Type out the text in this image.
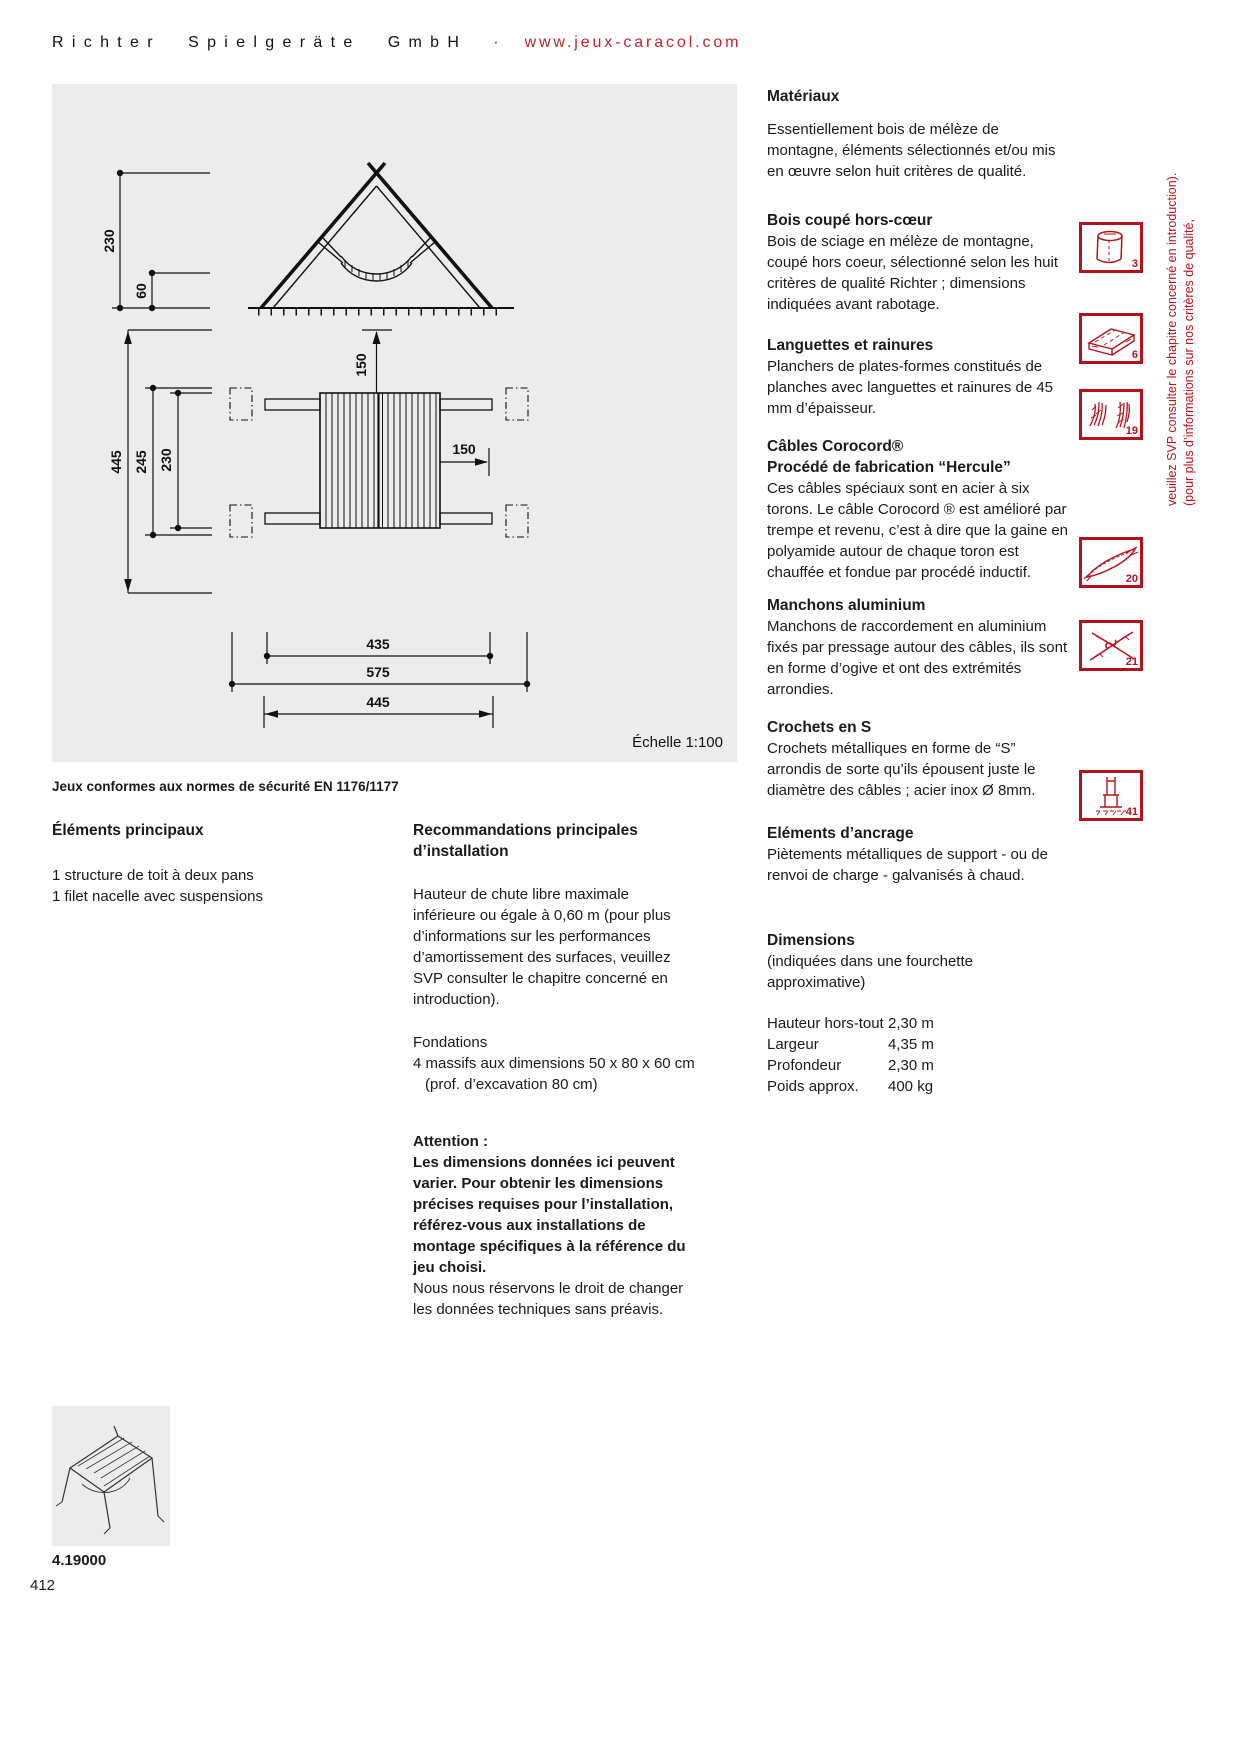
Richter Spielgeräte GmbH · www.jeux-caracol.com
230
60
150
150
445 245 230
435
575
445
Échelle 1:100
Jeux conformes aux normes de sécurité EN 1176/1177
Éléments principaux

1 structure de toit à deux pans

1 filet nacelle avec suspensions

Recommandations principales
d’installation

Hauteur de chute libre maximale inférieure ou égale à 0,60 m (pour plus d’informations sur les performances d’amortissement des surfaces, veuillez SVP consulter le chapitre concerné en introduction).

Fondations

4 massifs aux dimensions 50 x 80 x 60 cm

(prof. d’excavation 80 cm)

Attention :

Les dimensions données ici peuvent varier. Pour obtenir les dimensions précises requises pour l’installation, référez-vous aux installations de montage spécifiques à la référence du jeu choisi.

Nous nous réservons le droit de changer les données techniques sans préavis.

Matériaux

Essentiellement bois de mélèze de montagne, éléments sélectionnés et/ou mis en œuvre selon huit critères de qualité.

Bois coupé hors-cœur

Bois de sciage en mélèze de montagne, coupé hors coeur, sélectionné selon les huit critères de qualité Richter ; dimensions indiquées avant rabotage.

Languettes et rainures

Planchers de plates-formes constitués de planches avec languettes et rainures de 45 mm d’épaisseur.

Câbles Corocord®
Procédé de fabrication “Hercule”

Ces câbles spéciaux sont en acier à six torons. Le câble Corocord ® est amélioré par trempe et revenu, c’est à dire que la gaine en polyamide autour de chaque toron est chauffée et fondue par procédé inductif.

Manchons aluminium

Manchons de raccordement en aluminium fixés par pressage autour des câbles, ils sont en forme d’ogive et ont des extrémités arrondies.

Crochets en S

Crochets métalliques en forme de “S” arrondis de sorte qu’ils épousent juste le diamètre des câbles ; acier inox Ø 8mm.

Eléments d’ancrage

Piètements métalliques de support - ou de renvoi de charge - galvanisés à chaud.

Dimensions

(indiquées dans une fourchette approximative)

Hauteur hors-tout 2,30 m
Largeur	4,35 m
Profondeur	2,30 m
Poids approx. 400 kg
3
6
19
20
21
41
(pour plus d’informations sur nos critères de qualité,
veuillez SVP consulter le chapitre concerné en introduction).
4.19000
412
